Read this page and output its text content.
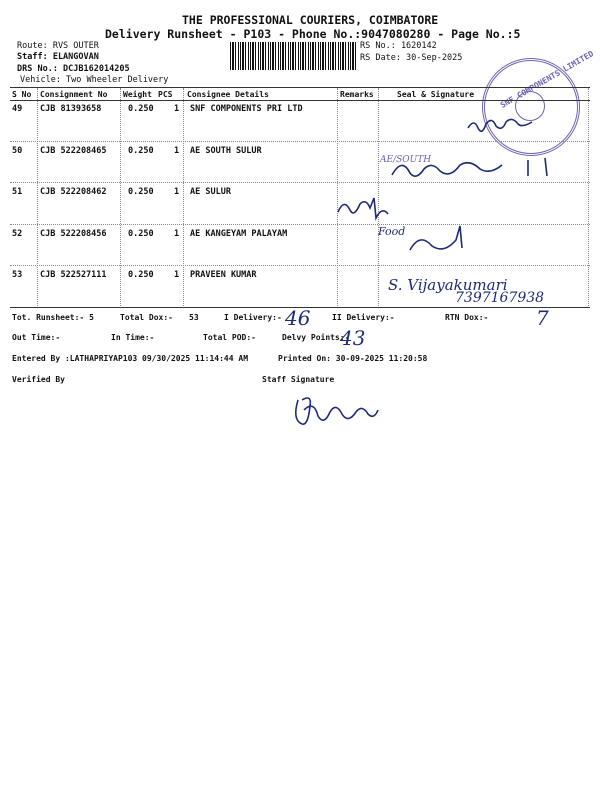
THE PROFESSIONAL COURIERS, COIMBATORE
Delivery Runsheet - P103 - Phone No.:9047080280 - Page No.:5
Route: RVS OUTER
Staff: ELANGOVAN
DRS No.: DCJB162014205
Vehicle: Two Wheeler Delivery
RS No.: 1620142
RS Date: 30-Sep-2025	SNF COMPONENTS LIMITED
S No Consignment No Weight PCS Consignee Details	Remarks	Seal & Signature
49 CJB 81393658	0.250 1 SNF COMPONENTS PRI LTD
50 CJB 522208465	0.250 1 AE SOUTH SULUR
51 CJB 522208462	0.250 1 AE SULUR
52 CJB 522208456	0.250 1 AE KANGEYAM PALAYAM
53 CJB 522527111	0.250 1 PRAVEEN KUMAR
AE/SOUTH
Food
S. Vijayakumari
7397167938
Tot. Runsheet:- 5	Total Dox:- 53	I Delivery:- 46	II Delivery:-	RTN Dox:- 7
Out Time:-	In Time:-	Total POD:-	Delvy Points:-
43
Entered By :LATHAPRIYAP103 09/30/2025 11:14:44 AM	Printed On: 30-09-2025 11:20:58
Verified By	Staff Signature
